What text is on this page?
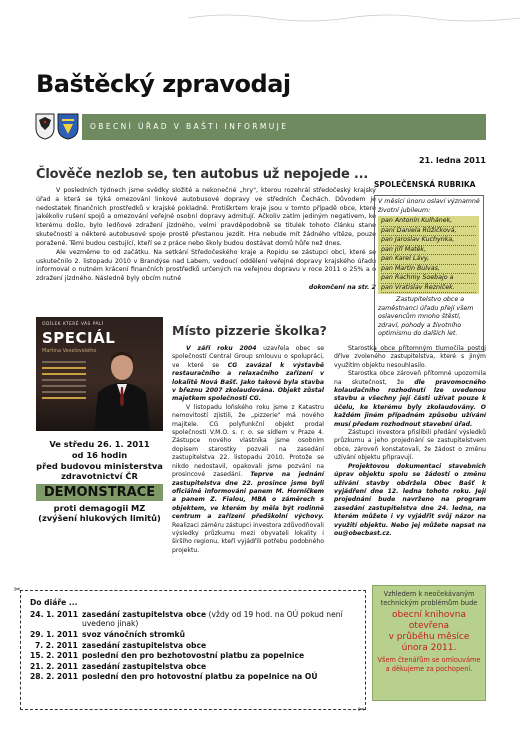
Baštěcký zpravodaj
OBECNÍ ÚŘAD V BAŠTI INFORMUJE
21. ledna 2011
Člověče nezlob se, ten autobus už nepojede ...

V posledních týdnech jsme svědky složité a nekonečné „hry", kterou rozehrál středočeský krajský úřad a která se týká omezování linkové autobusové dopravy ve středních Čechách. Důvodem je nedostatek finančních prostředků v krajské pokladně. Protiškrtem kraje jsou v tomto případě obce, které jakékoliv rušení spojů a omezování veřejné osobní dopravy admitují. Ačkoliv zatím jediným negativem, ke kterému došlo, bylo ledňové zdražení jízdného, velmi pravděpodobně se titulek tohoto článku stane skutečností a některé autobusové spoje prostě přestanou jezdit. Hra nebude mít žádného vítěze, pouze poražené. Těmi budou cestující, kteří se z práce nebo školy budou dostávat domů hůře než dnes.

Ale vezměme to od začátku. Na setkání Středočeského kraje a Ropidu se zástupci obcí, které se uskutečnilo 2. listopadu 2010 v Brandýse nad Labem, vedoucí oddělení veřejné dopravy krajského úřadu informoval o nutném krácení finančních prostředků určených na veřejnou dopravu v roce 2011 o 25% a o zdražení jízdného. Následně byly obcím nutné

dokončení na str. 2
SPOLEČENSKÁ RUBRIKA
V měsíci únoru oslaví významné životní jubileum:
pan Antonín Kulhánek,
paní Daniela Růžičková,
pan Jaroslav Kuchynka,
pan Jiří Matěk,
pan Karel Lávy,
pan Martin Bulvas,
pan Rachmy Soebajo a
pan Vratislav Řezníček.

Zastupitelstvo obce a zaměstnanci úřadu přejí všem oslavencům mnoho štěstí, zdraví, pohody a životního optimismu do dalších let.

ODÍLEK KTERÉ VÁS PÁLÍ
SPECIÁL
Martina Veselovského
Ve středu 26. 1. 2011
od 16 hodin
před budovou ministerstva
zdravotnictví ČR
DEMONSTRACE
proti demagogii MZ
(zvýšení hlukových limitů)
Místo pizzerie školka?

V září roku 2004 uzavřela obec se společností Central Group smlouvu o spolupráci, ve které se CG zavázal k výstavbě restauračního a relaxačního zařízení v lokalitě Nová Bašť. Jako takové byla stavba v březnu 2007 zkolaudována. Objekt zůstal majetkem společnosti CG.

V listopadu loňského roku jsme z Katastru nemovitostí zjistili, že „pizzerie" má nového majitele. CG polyfunkční objekt prodal společnosti V.M.O. s. r. o. se sídlem v Praze 4. Zástupce nového vlastníka jsme osobním dopisem starostky pozvali na zasedání zastupitelstva 22. listopadu 2010. Protože se nikdo nedostavil, opakovali jsme pozvání na prosincové zasedání. Teprve na jednání zastupitelstva dne 22. prosince jsme byli oficiálně informováni panem M. Horníčkem a panem Z. Fialou, MBA o záměrech s objektem, ve kterém by měla být rodinně centrum a zařízení předškolní výchovy. Realizaci záměru zástupci investora zdůvodňovali výsledky průzkumu mezi obyvateli lokality i širšího regionu, kteří vyjádřili potřebu podobného projektu.

Starostka obce přítomným tlumočila postoj dříve zvoleného zastupitelstva, které s jiným využitím objektu nesouhlasilo.

Starostka obce zároveň přítomné upozornila na skutečnost, že dle pravomocného kolaudačního rozhodnutí lze uvedenou stavbu a všechny její části užívat pouze k účelu, ke kterému byly zkolaudovány. O každém jiném případném způsobu užívání musí předem rozhodnout stavební úřad.

Zástupci investora přislíbili předání výsledků průzkumu a jeho projednání se zastupitelstvem obce, zároveň konstatovali, že žádost o změnu užívání objektu připravují.

Projektovou dokumentaci stavebních úprav objektu spolu se žádostí o změnu užívání stavby obdržela Obec Bašť k vyjádření dne 12. ledna tohoto roku. Její projednání bude navrženo na program zasedání zastupitelstva dne 24. ledna, na kterém můžete i vy vyjádřit svůj názor na využití objektu. Nebo jej můžete napsat na ou@obecbast.cz.

✂
✂
Do diáře ...
24. 1. 2011 zasedání zastupitelstva obce (vždy od 19 hod. na OÚ pokud není
uvedeno jinak)
29. 1. 2011 svoz vánočních stromků
7. 2. 2011 zasedání zastupitelstva obce
15. 2. 2011 poslední den pro bezhotovostní platbu za popelnice
21. 2. 2011 zasedání zastupitelstva obce
28. 2. 2011 poslední den pro hotovostní platbu za popelnice na OÚ
Vzhledem k neočekávaným technickým problémům bude
obecní knihovna
otevřena
v průběhu měsíce
února 2011.
Všem čtenářům se omlouváme a děkujeme za pochopení.
